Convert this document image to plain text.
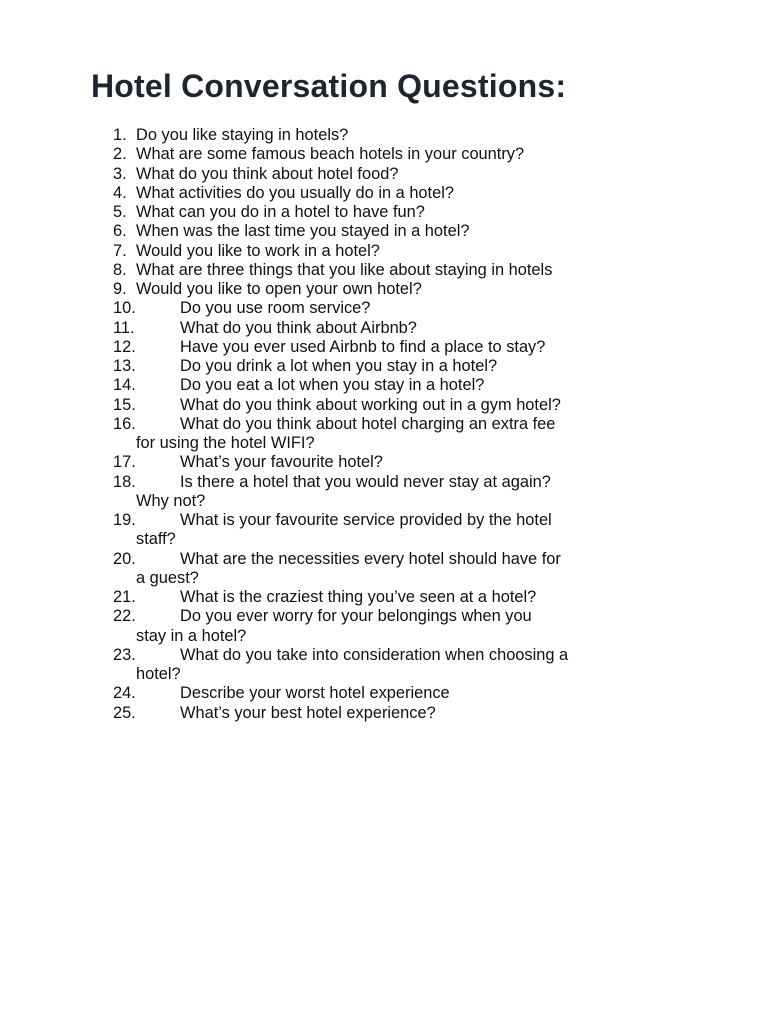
Hotel Conversation Questions:
1. Do you like staying in hotels?
2. What are some famous beach hotels in your country?
3. What do you think about hotel food?
4. What activities do you usually do in a hotel?
5. What can you do in a hotel to have fun?
6. When was the last time you stayed in a hotel?
7. Would you like to work in a hotel?
8. What are three things that you like about staying in hotels
9. Would you like to open your own hotel?
10.	Do you use room service?
11.	What do you think about Airbnb?
12.	Have you ever used Airbnb to find a place to stay?
13.	Do you drink a lot when you stay in a hotel?
14.	Do you eat a lot when you stay in a hotel?
15.	What do you think about working out in a gym hotel?
16.	What do you think about hotel charging an extra fee
for using the hotel WIFI?
17.	What’s your favourite hotel?
18.	Is there a hotel that you would never stay at again?
Why not?
19.	What is your favourite service provided by the hotel
staff?
20.	What are the necessities every hotel should have for
a guest?
21.	What is the craziest thing you’ve seen at a hotel?
22.	Do you ever worry for your belongings when you
stay in a hotel?
23.	What do you take into consideration when choosing a
hotel?
24.	Describe your worst hotel experience
25.	What’s your best hotel experience?
